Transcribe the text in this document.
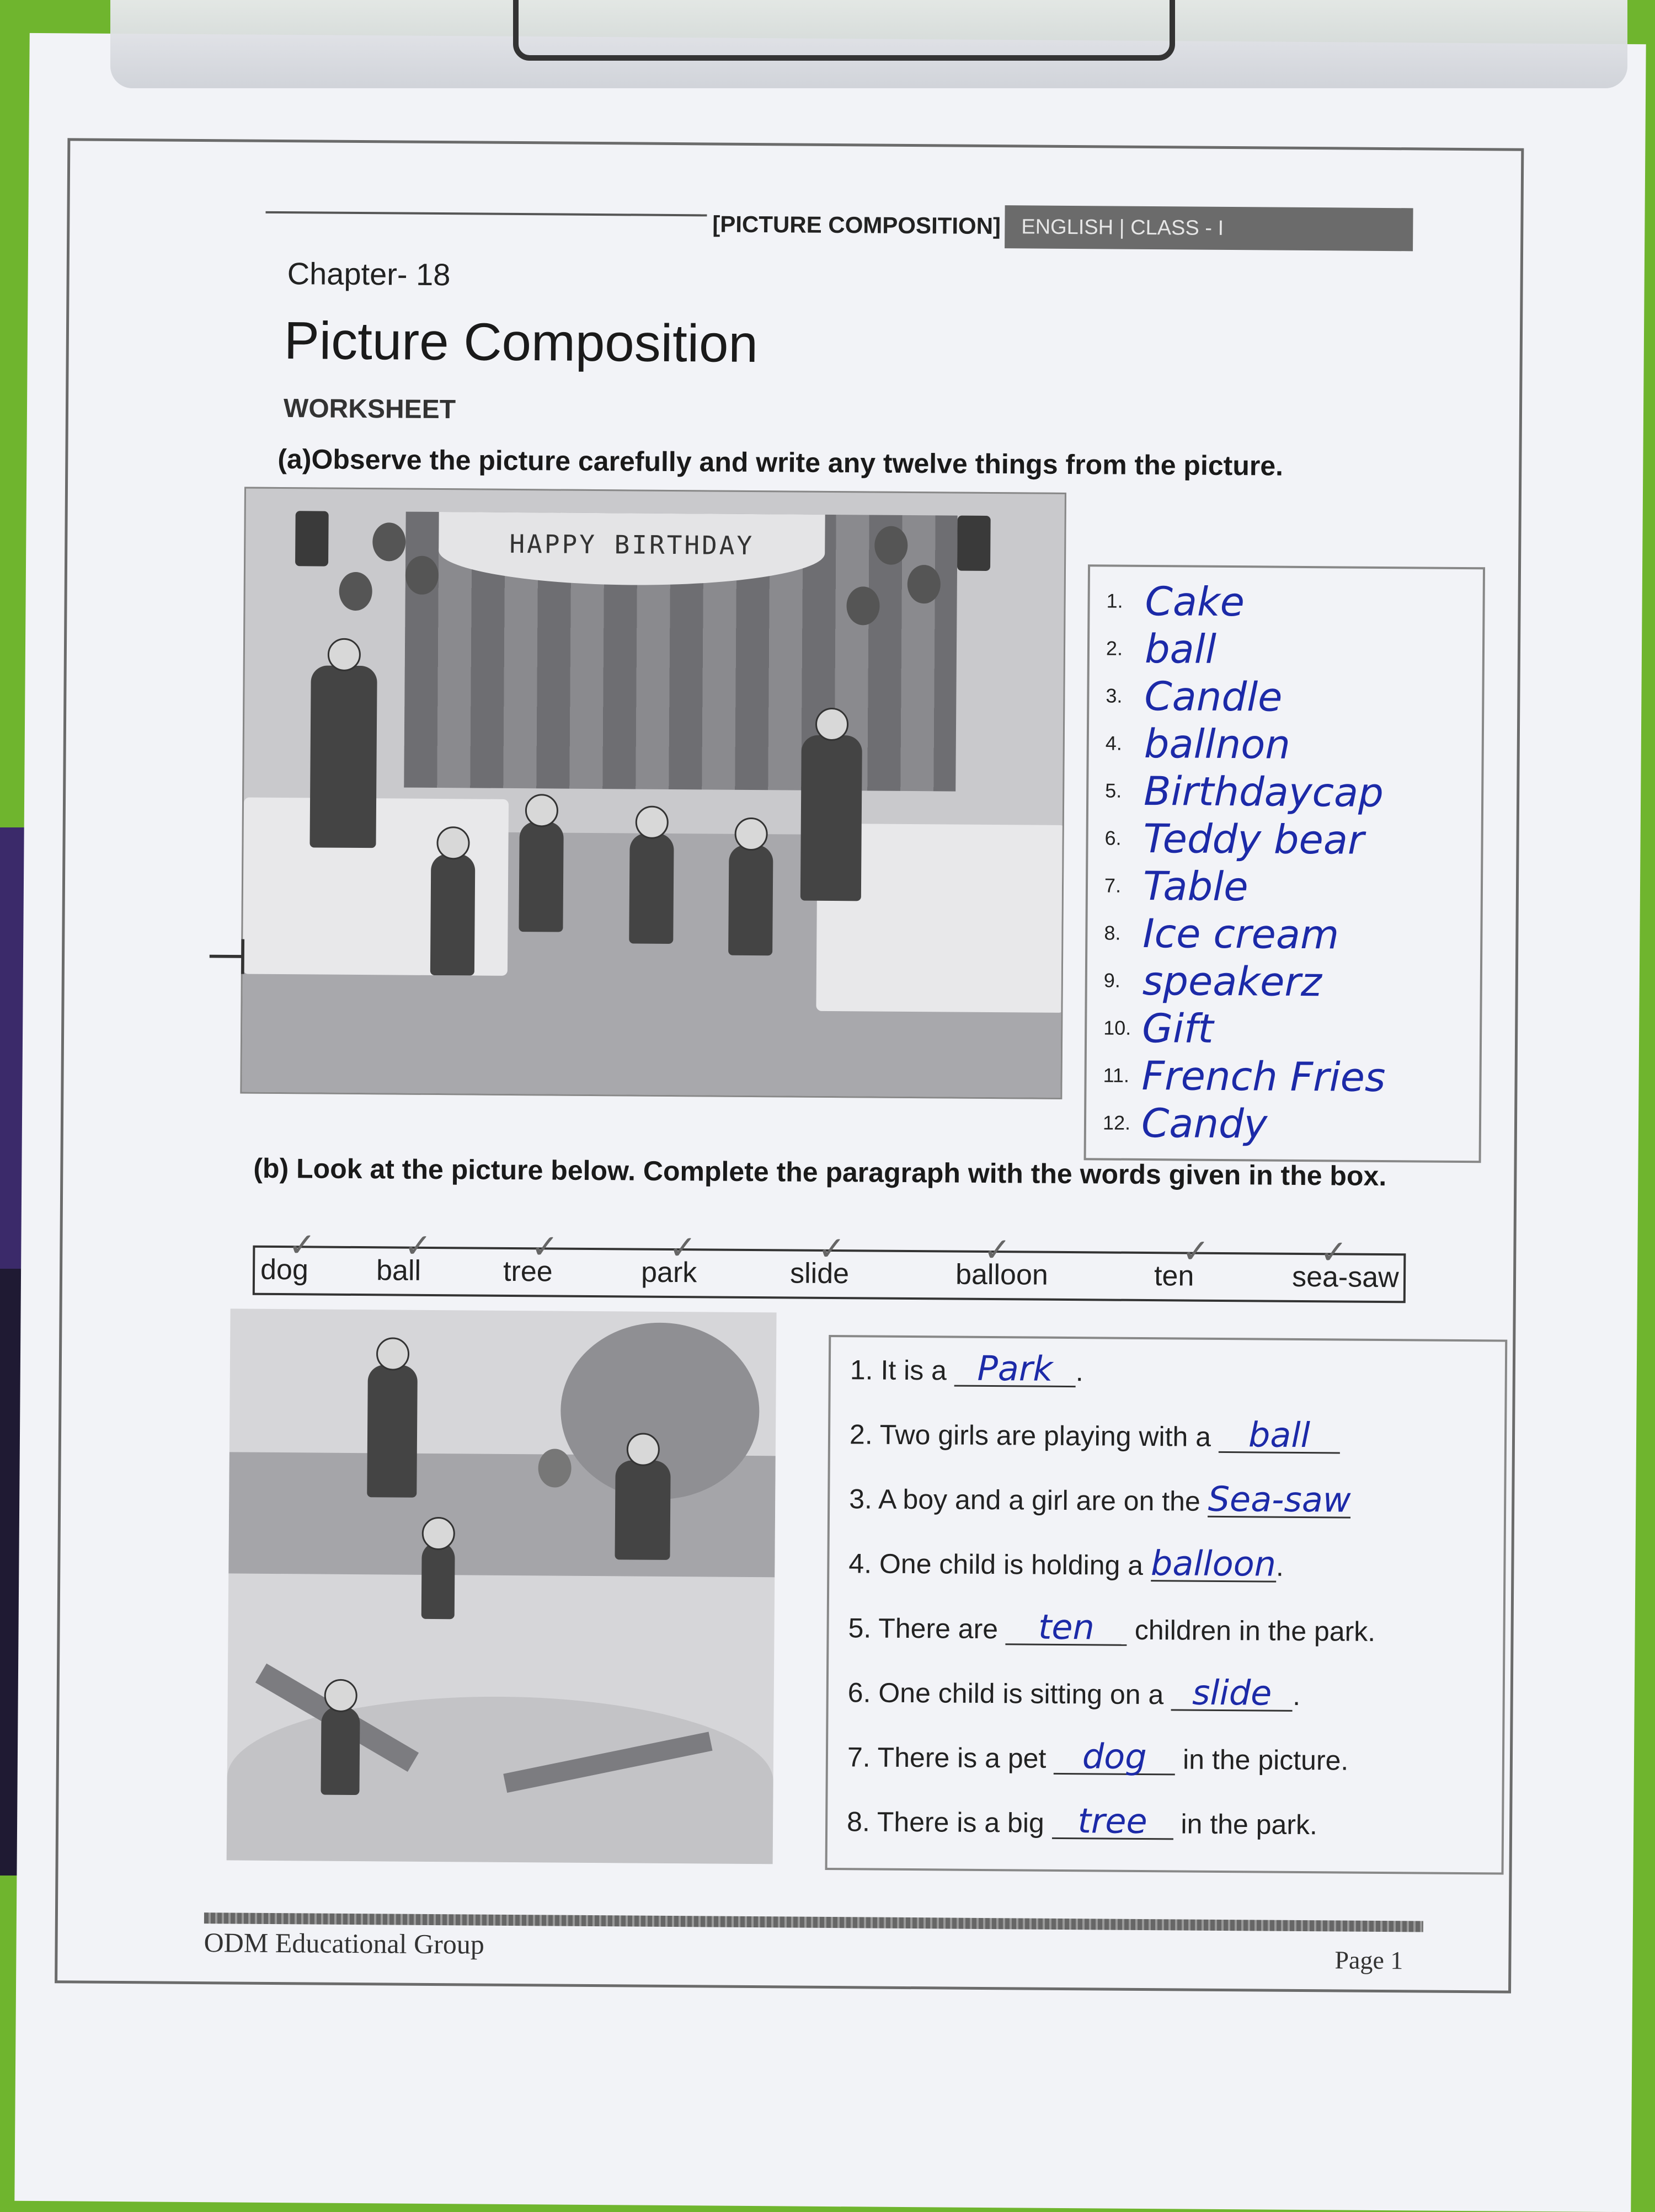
[PICTURE COMPOSITION] ENGLISH | CLASS - I
Chapter- 18
Picture Composition
WORKSHEET
(a)Observe the picture carefully and write any twelve things from the picture.
HAPPY BIRTHDAY
1. Cake
2. ball
3. Candle
4. ballnon
5. Birthdaycap
6. Teddy bear
7. Table
8. Ice cream
9. speakerz
10. Gift
11. French Fries
12. Candy
⊣
(b) Look at the picture below. Complete the paragraph with the words given in the box.
dog
✓
ball
✓
tree
✓
park
✓
slide
✓
balloon
✓
ten
✓
sea-saw
✓
1. It is a Park .
2. Two girls are playing with a ball
3. A boy and a girl are on the Sea-saw
4. One child is holding a balloon.
5. There are ten children in the park.
6. One child is sitting on a slide .
7. There is a pet dog in the picture.
8. There is a big tree in the park.
ODM Educational Group
Page 1
